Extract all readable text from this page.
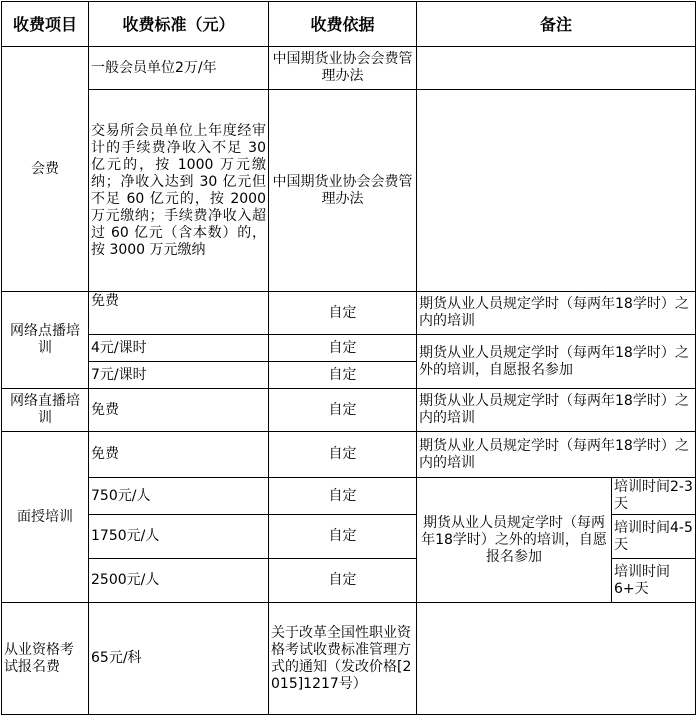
收费项目	收费标准（元）	收费依据	备注	
会费	一般会员单位2万/年	中国期货业协会会费管理办法		
	交易所会员单位上年度经审计的手续费净收入不足 30 亿元的，按 1000 万元缴纳；净收入达到 30 亿元但不足 60 亿元的，按 2000 万元缴纳；手续费净收入超过 60 亿元（含本数）的，按 3000 万元缴纳	中国期货业协会会费管理办法		
网络点播培训	免费	自定	期货从业人员规定学时（每两年18学时）之内的培训	
	4元/课时	自定	期货从业人员规定学时（每两年18学时）之外的培训，自愿报名参加	
	7元/课时	自定		
网络直播培训	免费	自定	期货从业人员规定学时（每两年18学时）之内的培训	
面授培训	免费	自定	期货从业人员规定学时（每两年18学时）之内的培训	
	750元/人	自定	期货从业人员规定学时（每两年18学时）之外的培训，自愿报名参加	培训时间2-3天
	1750元/人	自定		培训时间4-5天
	2500元/人	自定		培训时间6+天
从业资格考试报名费	65元/科	关于改革全国性职业资格考试收费标准管理方式的通知（发改价格[2015]1217号）		
